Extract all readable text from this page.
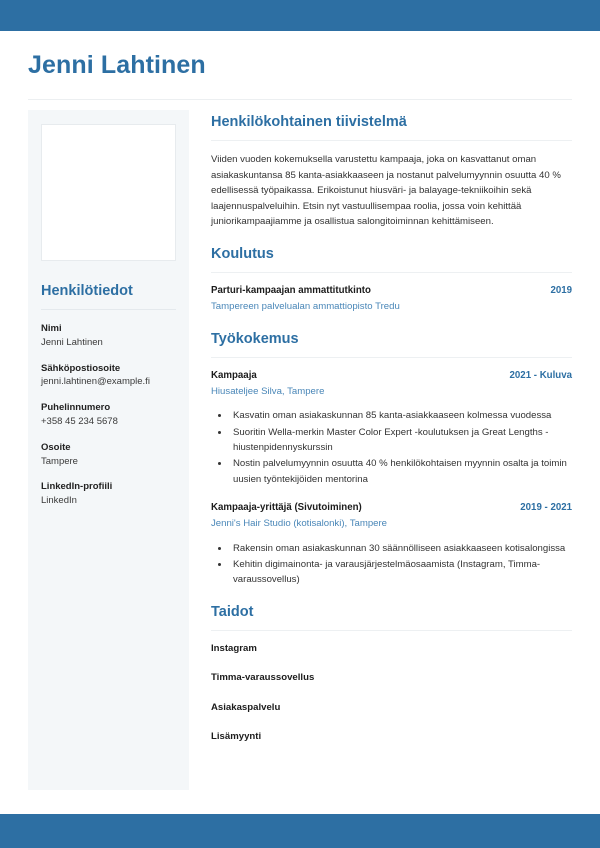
Jenni Lahtinen
Henkilötiedot
Nimi
Jenni Lahtinen
Sähköpostiosoite
jenni.lahtinen@example.fi
Puhelinnumero
+358 45 234 5678
Osoite
Tampere
LinkedIn-profiili
LinkedIn
Henkilökohtainen tiivistelmä

Viiden vuoden kokemuksella varustettu kampaaja, joka on kasvattanut oman asiakaskuntansa 85 kanta-asiakkaaseen ja nostanut palvelumyynnin osuutta 40 % edellisessä työpaikassa. Erikoistunut hiusväri- ja balayage-tekniikoihin sekä laajennuspalveluihin. Etsin nyt vastuullisempaa roolia, jossa voin kehittää juniorikampaajiamme ja osallistua salongitoiminnan kehittämiseen.

Koulutus
Parturi-kampaajan ammattitutkinto	2019
Tampereen palvelualan ammattiopisto Tredu
Työkokemus
Kampaaja	2021 - Kuluva
Hiusateljee Silva, Tampere
• Kasvatin oman asiakaskunnan 85 kanta-asiakkaaseen kolmessa vuodessa
• Suoritin Wella-merkin Master Color Expert -koulutuksen ja Great Lengths -hiustenpidennyskurssin
• Nostin palvelumyynnin osuutta 40 % henkilökohtaisen myynnin osalta ja toimin uusien työntekijöiden mentorina
Kampaaja-yrittäjä (Sivutoiminen)	2019 - 2021
Jenni's Hair Studio (kotisalonki), Tampere
• Rakensin oman asiakaskunnan 30 säännölliseen asiakkaaseen kotisalongissa
• Kehitin digimainonta- ja varausjärjestelmäosaamista (Instagram, Timma-varaussovellus)
Taidot
Instagram
Timma-varaussovellus
Asiakaspalvelu
Lisämyynti
